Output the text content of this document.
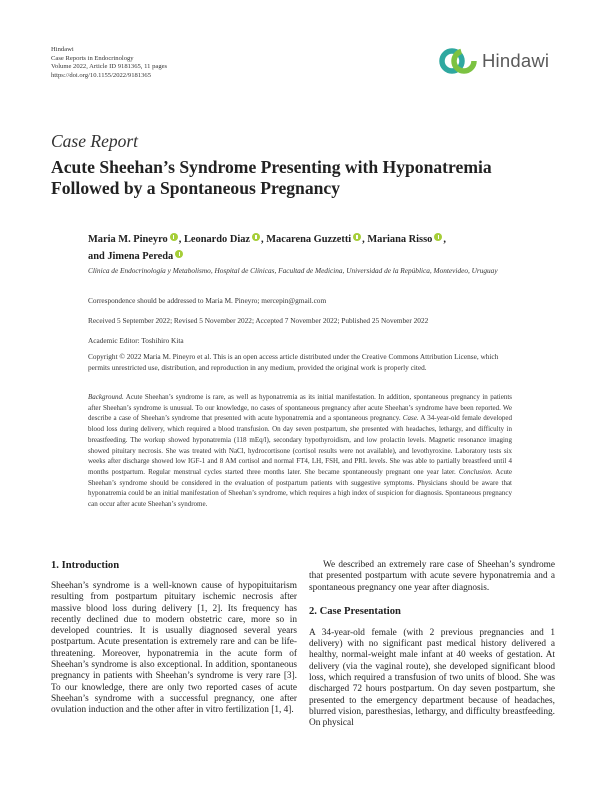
Hindawi
Case Reports in Endocrinology
Volume 2022, Article ID 9181365, 11 pages
https://doi.org/10.1155/2022/9181365
Hindawi
Case Report
Acute Sheehan’s Syndrome Presenting with Hyponatremia Followed by a Spontaneous Pregnancy
Maria M. Pineyro , Leonardo Diaz , Macarena Guzzetti , Mariana Risso ,
and Jimena Pereda
Clínica de Endocrinología y Metabolismo, Hospital de Clínicas, Facultad de Medicina, Universidad de la República, Montevideo, Uruguay
Correspondence should be addressed to Maria M. Pineyro; mercepin@gmail.com
Received 5 September 2022; Revised 5 November 2022; Accepted 7 November 2022; Published 25 November 2022
Academic Editor: Toshihiro Kita
Copyright © 2022 Maria M. Pineyro et al. This is an open access article distributed under the Creative Commons Attribution License, which permits unrestricted use, distribution, and reproduction in any medium, provided the original work is properly cited.
Background. Acute Sheehan’s syndrome is rare, as well as hyponatremia as its initial manifestation. In addition, spontaneous pregnancy in patients after Sheehan’s syndrome is unusual. To our knowledge, no cases of spontaneous pregnancy after acute Sheehan’s syndrome have been reported. We describe a case of Sheehan’s syndrome that presented with acute hyponatremia and a spontaneous pregnancy. Case. A 34-year-old female developed blood loss during delivery, which required a blood transfusion. On day seven postpartum, she presented with headaches, lethargy, and difficulty in breastfeeding. The workup showed hyponatremia (118 mEq/l), secondary hypothyroidism, and low prolactin levels. Magnetic resonance imaging showed pituitary necrosis. She was treated with NaCl, hydrocortisone (cortisol results were not available), and levothyroxine. Laboratory tests six weeks after discharge showed low IGF-1 and 8 AM cortisol and normal FT4, LH, FSH, and PRL levels. She was able to partially breastfeed until 4 months postpartum. Regular menstrual cycles started three months later. She became spontaneously pregnant one year later. Conclusion. Acute Sheehan’s syndrome should be considered in the evaluation of postpartum patients with suggestive symptoms. Physicians should be aware that hyponatremia could be an initial manifestation of Sheehan’s syndrome, which requires a high index of suspicion for diagnosis. Spontaneous pregnancy can occur after acute Sheehan’s syndrome.
1. Introduction

Sheehan’s syndrome is a well-known cause of hypopituitarism resulting from postpartum pituitary ischemic necrosis after massive blood loss during delivery [1, 2]. Its frequency has recently declined due to modern obstetric care, more so in developed countries. It is usually diagnosed several years postpartum. Acute presentation is extremely rare and can be life-threatening. Moreover, hyponatremia in the acute form of Sheehan’s syndrome is also exceptional. In addition, spontaneous pregnancy in patients with Sheehan’s syndrome is very rare [3]. To our knowledge, there are only two reported cases of acute Sheehan’s syndrome with a successful pregnancy, one after ovulation induction and the other after in vitro fertilization [1, 4].

We described an extremely rare case of Sheehan’s syndrome that presented postpartum with acute severe hyponatremia and a spontaneous pregnancy one year after diagnosis.

2. Case Presentation

A 34-year-old female (with 2 previous pregnancies and 1 delivery) with no significant past medical history delivered a healthy, normal-weight male infant at 40 weeks of gestation. At delivery (via the vaginal route), she developed significant blood loss, which required a transfusion of two units of blood. She was discharged 72 hours postpartum. On day seven postpartum, she presented to the emergency department because of headaches, blurred vision, paresthesias, lethargy, and difficulty breastfeeding. On physical
